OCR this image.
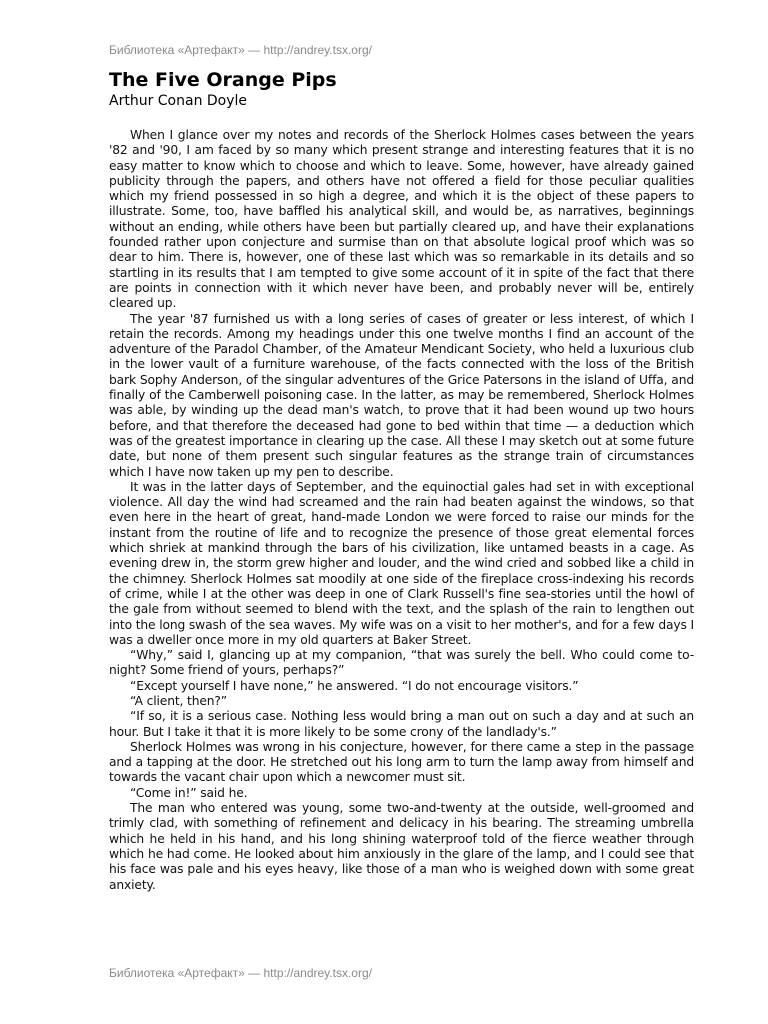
Библиотека «Артефакт» — http://andrey.tsx.org/
The Five Orange Pips
Arthur Conan Doyle

When I glance over my notes and records of the Sherlock Holmes cases between the years '82 and '90, I am faced by so many which present strange and interesting features that it is no easy matter to know which to choose and which to leave. Some, however, have already gained publicity through the papers, and others have not offered a field for those peculiar qualities which my friend possessed in so high a degree, and which it is the object of these papers to illustrate. Some, too, have baffled his analytical skill, and would be, as narratives, beginnings without an ending, while others have been but partially cleared up, and have their explanations founded rather upon conjecture and surmise than on that absolute logical proof which was so dear to him. There is, however, one of these last which was so remarkable in its details and so startling in its results that I am tempted to give some account of it in spite of the fact that there are points in connection with it which never have been, and probably never will be, entirely cleared up.

The year '87 furnished us with a long series of cases of greater or less interest, of which I retain the records. Among my headings under this one twelve months I find an account of the adventure of the Paradol Chamber, of the Amateur Mendicant Society, who held a luxurious club in the lower vault of a furniture warehouse, of the facts connected with the loss of the British bark Sophy Anderson, of the singular adventures of the Grice Patersons in the island of Uffa, and finally of the Camberwell poisoning case. In the latter, as may be remembered, Sherlock Holmes was able, by winding up the dead man's watch, to prove that it had been wound up two hours before, and that therefore the deceased had gone to bed within that time — a deduction which was of the greatest importance in clearing up the case. All these I may sketch out at some future date, but none of them present such singular features as the strange train of circumstances which I have now taken up my pen to describe.

It was in the latter days of September, and the equinoctial gales had set in with exceptional violence. All day the wind had screamed and the rain had beaten against the windows, so that even here in the heart of great, hand-made London we were forced to raise our minds for the instant from the routine of life and to recognize the presence of those great elemental forces which shriek at mankind through the bars of his civilization, like untamed beasts in a cage. As evening drew in, the storm grew higher and louder, and the wind cried and sobbed like a child in the chimney. Sherlock Holmes sat moodily at one side of the fireplace cross-indexing his records of crime, while I at the other was deep in one of Clark Russell's fine sea-stories until the howl of the gale from without seemed to blend with the text, and the splash of the rain to lengthen out into the long swash of the sea waves. My wife was on a visit to her mother's, and for a few days I was a dweller once more in my old quarters at Baker Street.

“Why,” said I, glancing up at my companion, “that was surely the bell. Who could come to-night? Some friend of yours, perhaps?”

“Except yourself I have none,” he answered. “I do not encourage visitors.”

“A client, then?”

“If so, it is a serious case. Nothing less would bring a man out on such a day and at such an hour. But I take it that it is more likely to be some crony of the landlady's.”

Sherlock Holmes was wrong in his conjecture, however, for there came a step in the passage and a tapping at the door. He stretched out his long arm to turn the lamp away from himself and towards the vacant chair upon which a newcomer must sit.

“Come in!” said he.

The man who entered was young, some two-and-twenty at the outside, well-groomed and trimly clad, with something of refinement and delicacy in his bearing. The streaming umbrella which he held in his hand, and his long shining waterproof told of the fierce weather through which he had come. He looked about him anxiously in the glare of the lamp, and I could see that his face was pale and his eyes heavy, like those of a man who is weighed down with some great anxiety.

Библиотека «Артефакт» — http://andrey.tsx.org/
